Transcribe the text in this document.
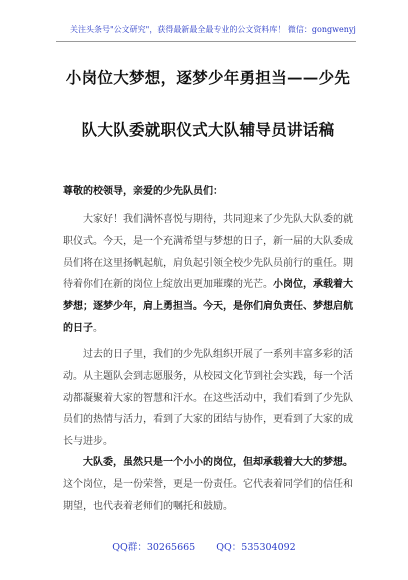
关注头条号"公文研究"，获得最新最全最专业的公文资料库！ 微信：gongwenyj
小岗位大梦想，逐梦少年勇担当——少先
队大队委就职仪式大队辅导员讲话稿
尊敬的校领导，亲爱的少先队员们：
大家好！我们满怀喜悦与期待，共同迎来了少先队大队委的就职仪式。今天，是一个充满希望与梦想的日子，新一届的大队委成员们将在这里扬帆起航，肩负起引领全校少先队员前行的重任。期待着你们在新的岗位上绽放出更加璀璨的光芒。小岗位，承载着大梦想；逐梦少年，肩上勇担当。今天，是你们肩负责任、梦想启航的日子。
过去的日子里，我们的少先队组织开展了一系列丰富多彩的活动。从主题队会到志愿服务，从校园文化节到社会实践，每一个活动都凝聚着大家的智慧和汗水。在这些活动中，我们看到了少先队员们的热情与活力，看到了大家的团结与协作，更看到了大家的成长与进步。
大队委，虽然只是一个小小的岗位，但却承载着大大的梦想。这个岗位，是一份荣誉，更是一份责任。它代表着同学们的信任和期望，也代表着老师们的嘱托和鼓励。
QQ群：30265665 QQ：535304092
